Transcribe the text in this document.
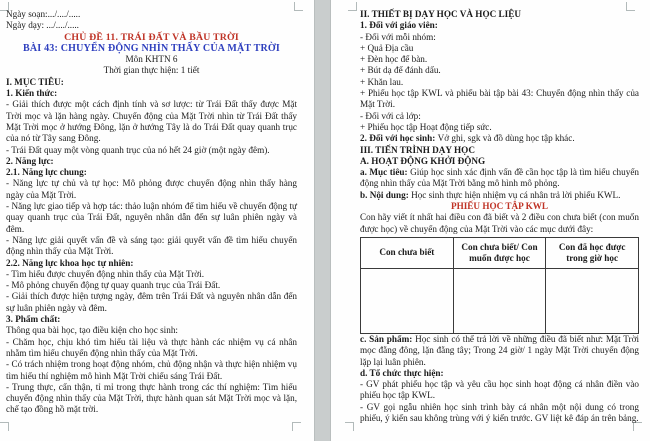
Ngày soạn:.../..../.....

Ngày dạy: .../..../.....

CHỦ ĐỀ 11. TRÁI ĐẤT VÀ BẦU TRỜI

BÀI 43: CHUYỂN ĐỘNG NHÌN THẤY CỦA MẶT TRỜI

Môn KHTN 6

Thời gian thực hiện: 1 tiết

I. MỤC TIÊU:

1. Kiến thức:

- Giải thích được một cách định tính và sơ lược: từ Trái Đất thấy được Mặt Trời mọc và lặn hàng ngày. Chuyển động của Mặt Trời nhìn từ Trái Đất thấy Mặt Trời mọc ở hướng Đông, lặn ở hướng Tây là do Trái Đất quay quanh trục của nó từ Tây sang Đông.

- Trái Đất quay một vòng quanh trục của nó hết 24 giờ (một ngày đêm).

2. Năng lực:

2.1. Năng lực chung:

- Năng lực tự chủ và tự học: Mô phỏng được chuyển động nhìn thấy hàng ngày của Mặt Trời.

- Năng lực giao tiếp và hợp tác: thảo luận nhóm để tìm hiểu về chuyển động tự quay quanh trục của Trái Đất, nguyên nhân dẫn đến sự luân phiên ngày và đêm.

- Năng lực giải quyết vấn đề và sáng tạo: giải quyết vấn đề tìm hiểu chuyển động nhìn thấy của Mặt Trời.

2.2. Năng lực khoa học tự nhiên:

- Tìm hiểu được chuyển động nhìn thấy của Mặt Trời.

- Mô phỏng chuyển động tự quay quanh trục của Trái Đất.

- Giải thích được hiện tượng ngày, đêm trên Trái Đất và nguyên nhân dẫn đến sự luân phiên ngày và đêm.

3. Phẩm chất:

Thông qua bài học, tạo điều kiện cho học sinh:

- Chăm học, chịu khó tìm hiểu tài liệu và thực hành các nhiệm vụ cá nhân nhằm tìm hiểu chuyển động nhìn thấy của Mặt Trời.

- Có trách nhiệm trong hoạt động nhóm, chủ động nhận và thực hiện nhiệm vụ tìm hiểu thí nghiệm mô hình Mặt Trời chiếu sáng Trái Đất.

- Trung thực, cẩn thận, tỉ mỉ trong thực hành trong các thí nghiệm: Tìm hiểu chuyển động nhìn thấy của Mặt Trời, thực hành quan sát Mặt Trời mọc và lặn, chế tạo đồng hồ mặt trời.

II. THIẾT BỊ DẠY HỌC VÀ HỌC LIỆU

1. Đối với giáo viên:

- Đối với mỗi nhóm:

+ Quả Địa cầu

+ Đèn học để bàn.

+ Bút dạ để đánh dấu.

+ Khăn lau.

+ Phiếu học tập KWL và phiếu bài tập bài 43: Chuyển động nhìn thấy của Mặt Trời.

- Đối với cả lớp:

+ Phiếu học tập Hoạt động tiếp sức.

2. Đối với học sinh: Vở ghi, sgk và đồ dùng học tập khác.

III. TIẾN TRÌNH DẠY HỌC

A. HOẠT ĐỘNG KHỞI ĐỘNG

a. Mục tiêu: Giúp học sinh xác định vấn đề cần học tập là tìm hiểu chuyển động nhìn thấy của Mặt Trời bằng mô hình mô phỏng.

b. Nội dung: Học sinh thực hiện nhiệm vụ cá nhân trả lời phiếu KWL.

PHIẾU HỌC TẬP KWL

Con hãy viết ít nhất hai điều con đã biết và 2 điều con chưa biết (con muốn được học) về chuyển động của Mặt Trời vào các mục dưới đây:

Con chưa biết	Con chưa biết/ Con muốn được học	Con đã học được trong giờ học

c. Sản phẩm: Học sinh có thể trả lời về những điều đã biết như: Mặt Trời mọc đằng đông, lặn đằng tây; Trong 24 giờ/ 1 ngày Mặt Trời chuyển động lặp lại luân phiên.

d. Tổ chức thực hiện:

- GV phát phiếu học tập và yêu cầu học sinh hoạt động cá nhân điền vào phiếu học tập KWL.

- GV gọi ngẫu nhiên học sinh trình bày cá nhân một nội dung có trong phiếu, ý kiến sau không trùng với ý kiến trước. GV liệt kê đáp án trên bảng.
